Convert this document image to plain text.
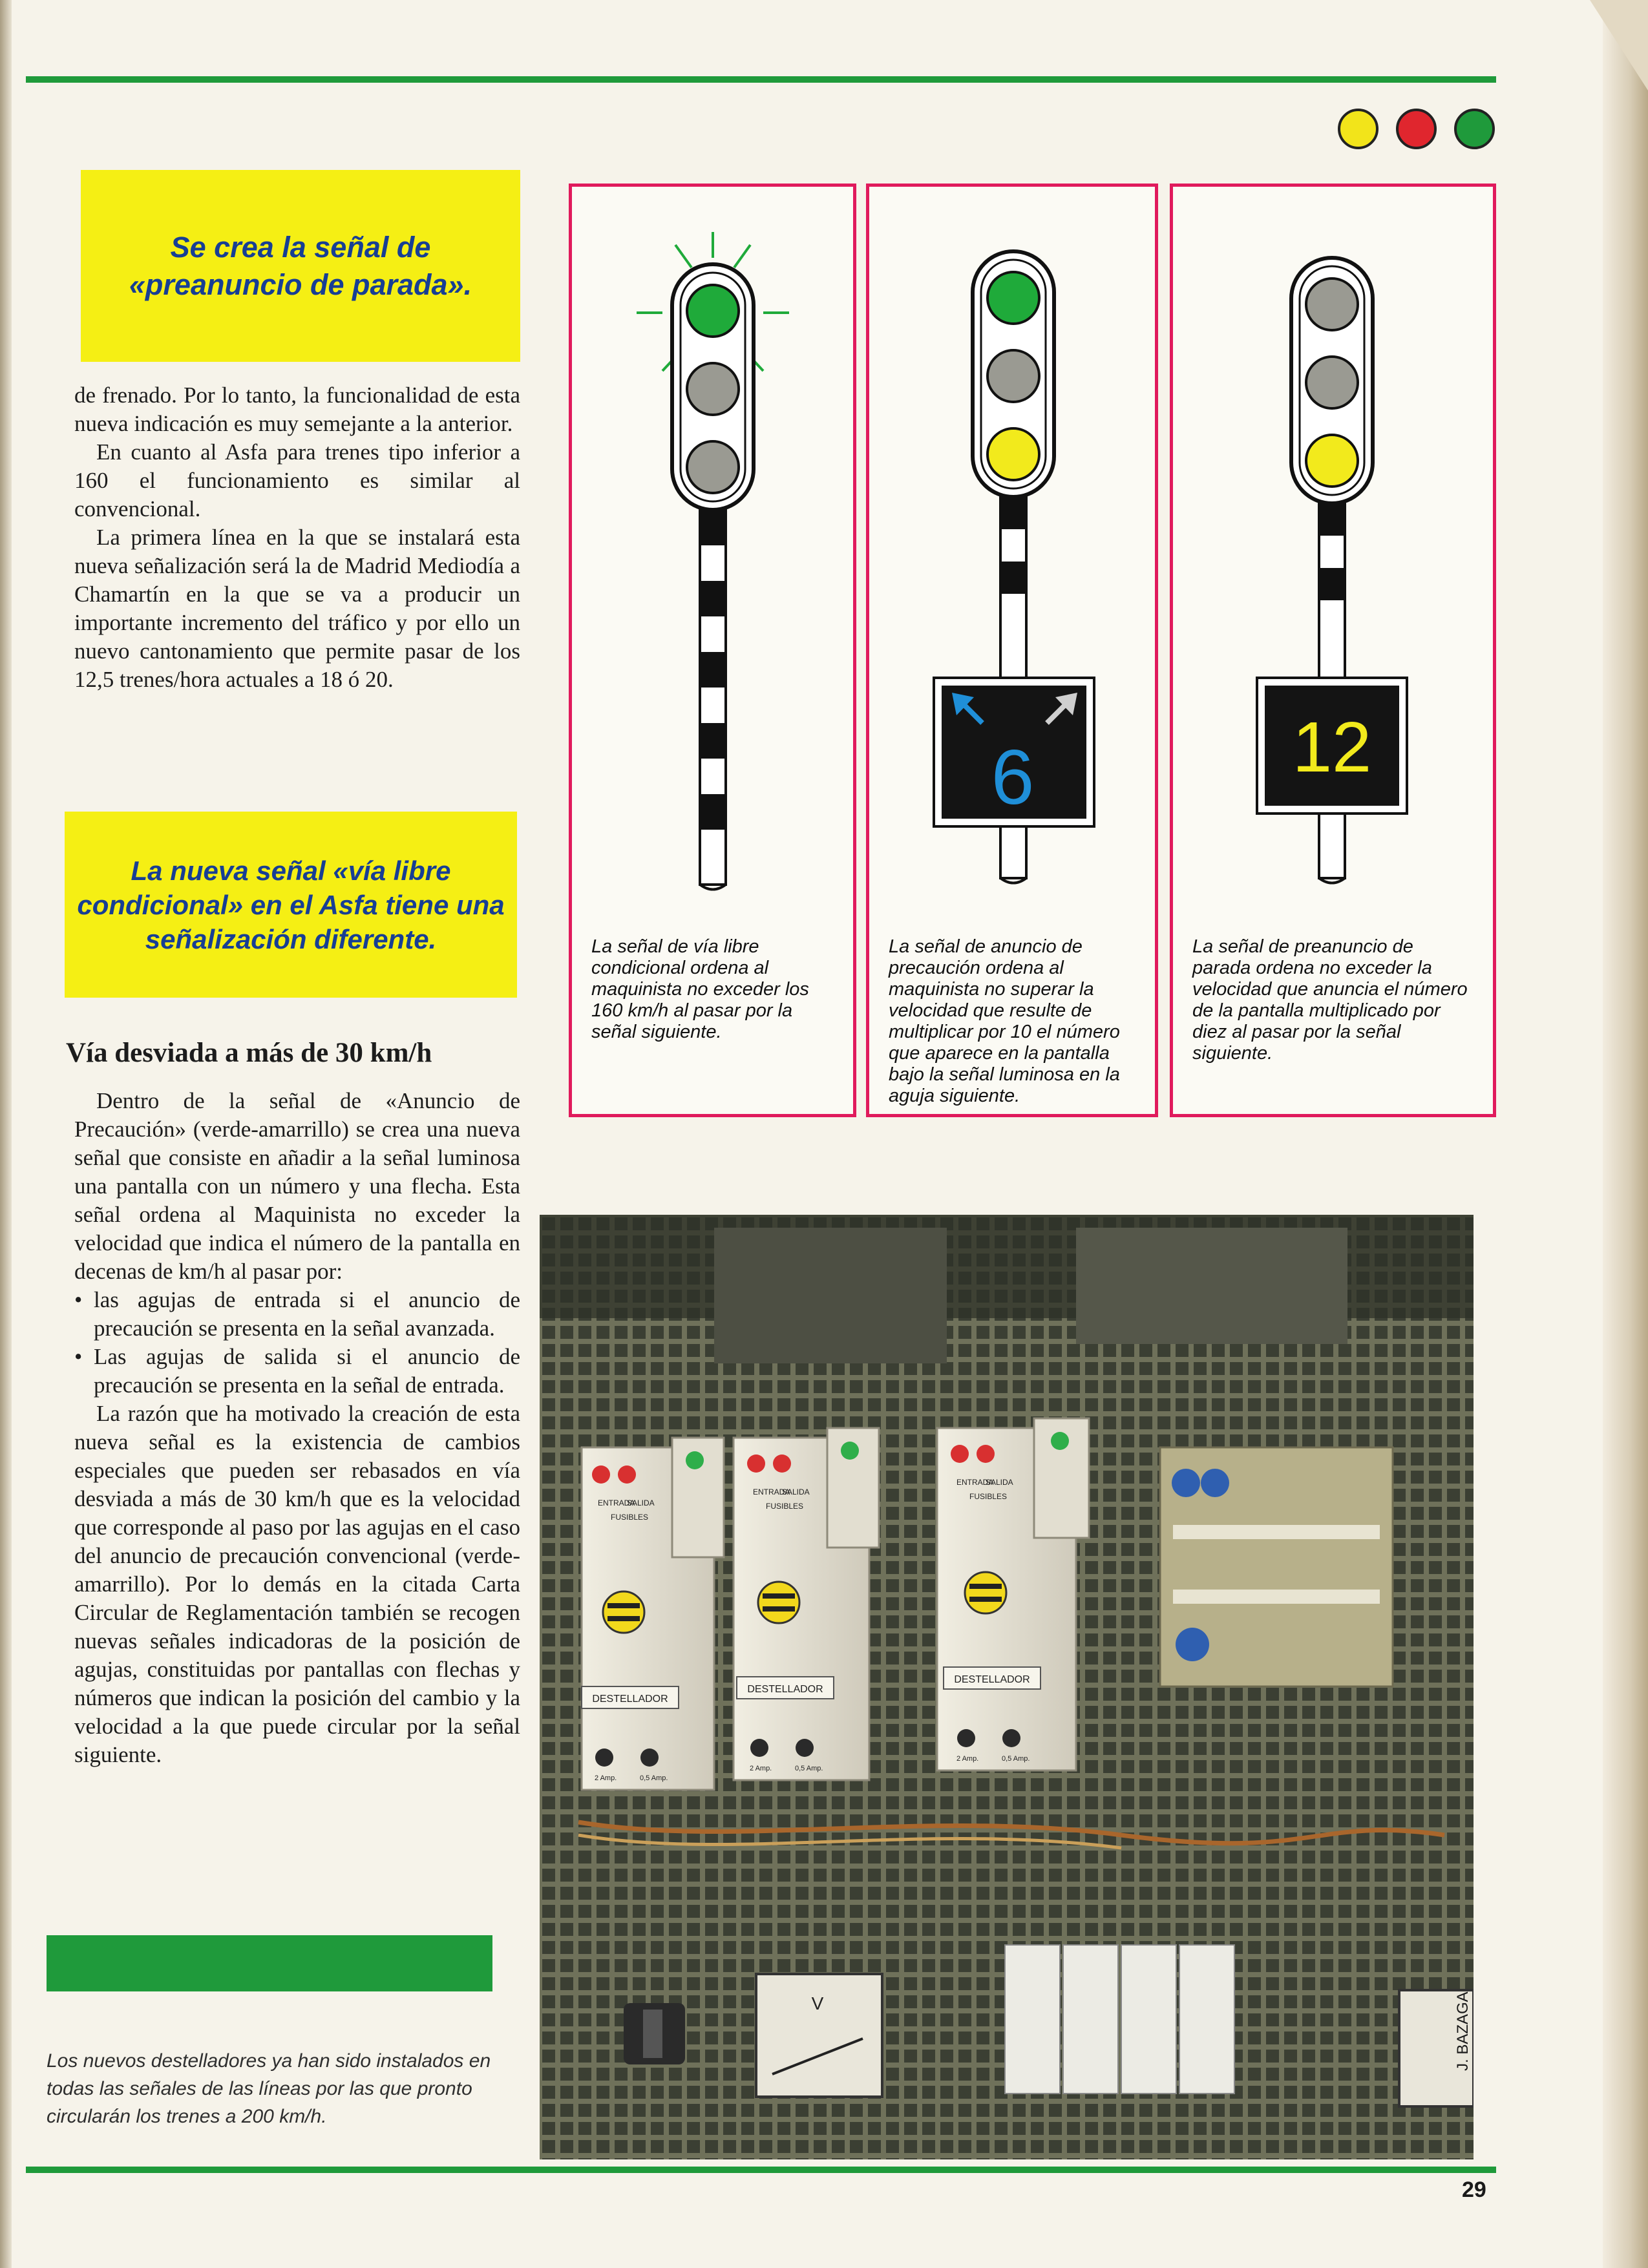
Se crea la señal de «preanuncio de parada».

de frenado. Por lo tanto, la funcionalidad de esta nueva indicación es muy semejante a la anterior.

En cuanto al Asfa para trenes tipo inferior a 160 el funcionamiento es similar al convencional.

La primera línea en la que se instalará esta nueva señalización será la de Madrid Mediodía a Chamartín en la que se va a producir un importante incremento del tráfico y por ello un nuevo cantonamiento que permite pasar de los 12,5 trenes/hora actuales a 18 ó 20.

La nueva señal «vía libre condicional» en el Asfa tiene una señalización diferente.
Vía desviada a más de 30 km/h

Dentro de la señal de «Anuncio de Precaución» (verde-amarrillo) se crea una nueva señal que consiste en añadir a la señal luminosa una pantalla con un número y una flecha. Esta señal ordena al Maquinista no exceder la velocidad que indica el número de la pantalla en decenas de km/h al pasar por:

• las agujas de entrada si el anuncio de precaución se presenta en la señal avanzada.

• Las agujas de salida si el anuncio de precaución se presenta en la señal de entrada.

La razón que ha motivado la creación de esta nueva señal es la existencia de cambios especiales que pueden ser rebasados en vía desviada a más de 30 km/h que es la velocidad que corresponde al paso por las agujas en el caso del anuncio de precaución convencional (verde-amarrillo). Por lo demás en la citada Carta Circular de Reglamentación también se recogen nuevas señales indicadoras de la posición de agujas, constituidas por pantallas con flechas y números que indican la posición del cambio y la velocidad a la que puede circular por la señal siguiente.

Los nuevos destelladores ya han sido instalados en todas las señales de las líneas por las que pronto circularán los trenes a 200 km/h.

La señal de vía libre condicional ordena al maquinista no exceder los 160 km/h al pasar por la señal siguiente.

6

La señal de anuncio de precaución ordena al maquinista no superar la velocidad que resulte de multiplicar por 10 el número que aparece en la pantalla bajo la señal luminosa en la aguja siguiente.

12

La señal de preanuncio de parada ordena no exceder la velocidad que anuncia el número de la pantalla multiplicado por diez al pasar por la señal siguiente.

ENTRADA
SALIDA
FUSIBLES
DESTELLADOR
2 Amp.	0,5 Amp.
ENTRADA
SALIDA
FUSIBLES
DESTELLADOR
2 Amp.	0,5 Amp.
ENTRADA
SALIDA
FUSIBLES
DESTELLADOR
2 Amp.	0,5 Amp.
V	J. BAZAGA
29
